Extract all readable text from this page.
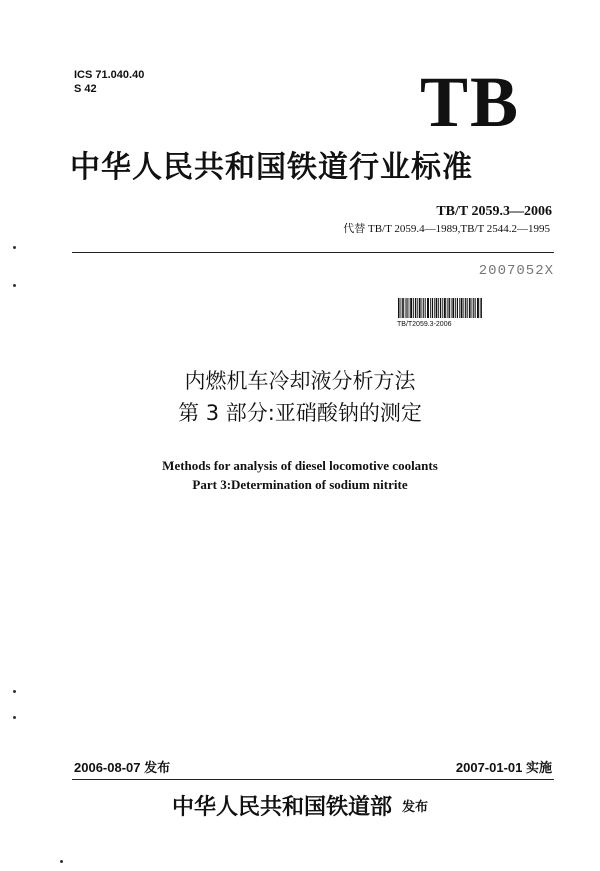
ICS 71.040.40
S 42	TB
中华人民共和国铁道行业标准
TB/T 2059.3—2006
代替 TB/T 2059.4—1989,TB/T 2544.2—1995
2007052X
TB/T2059.3-2006
内燃机车冷却液分析方法
第 3 部分:亚硝酸钠的测定
Methods for analysis of diesel locomotive coolants
Part 3:Determination of sodium nitrite
2006-08-07 发布	2007-01-01 实施
中华人民共和国铁道部 发布
